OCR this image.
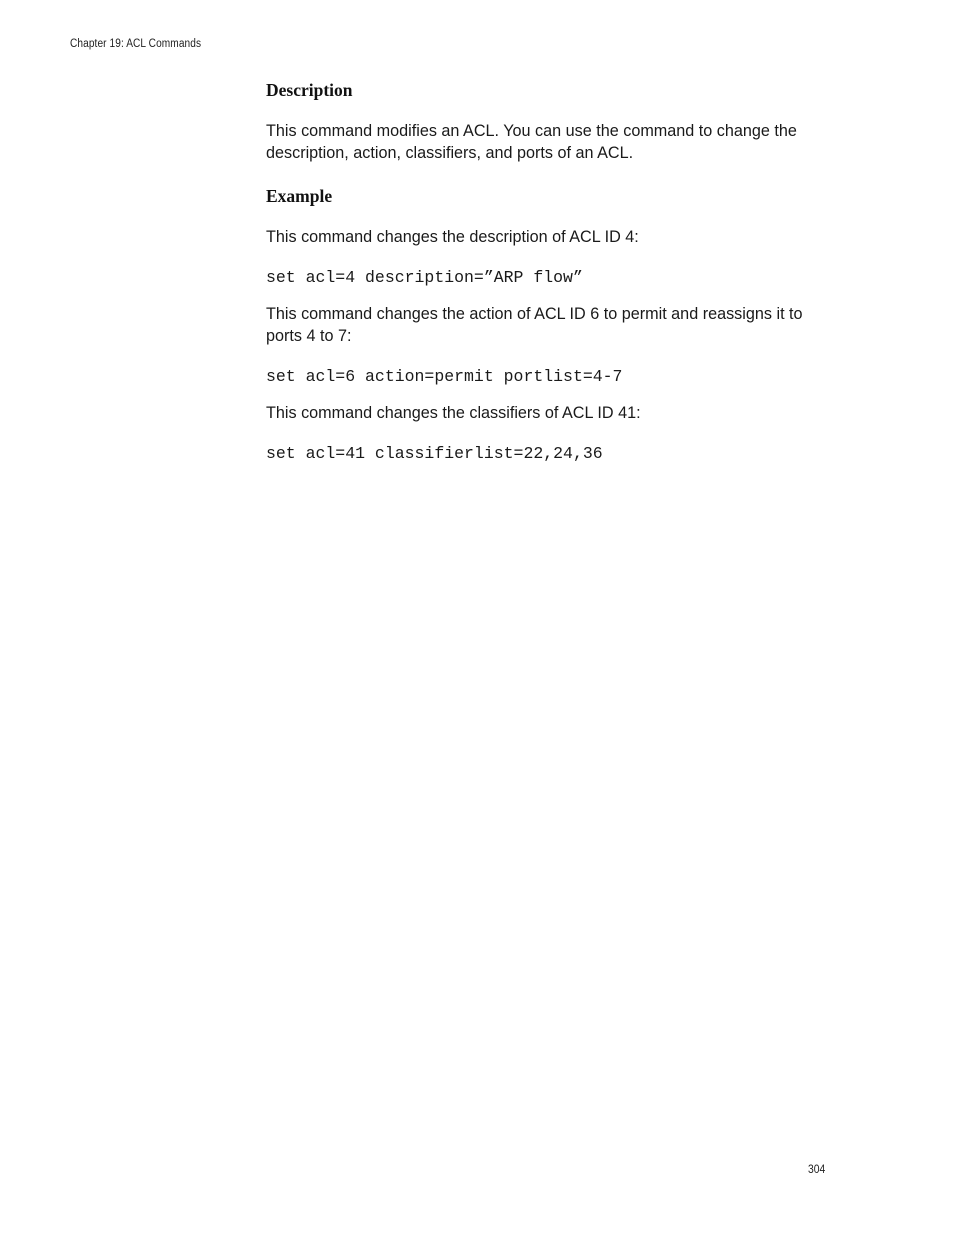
Chapter 19: ACL Commands
Description

This command modifies an ACL. You can use the command to change the description, action, classifiers, and ports of an ACL.

Example

This command changes the description of ACL ID 4:

set acl=4 description=”ARP flow”

This command changes the action of ACL ID 6 to permit and reassigns it to ports 4 to 7:

set acl=6 action=permit portlist=4-7

This command changes the classifiers of ACL ID 41:

set acl=41 classifierlist=22,24,36

304
